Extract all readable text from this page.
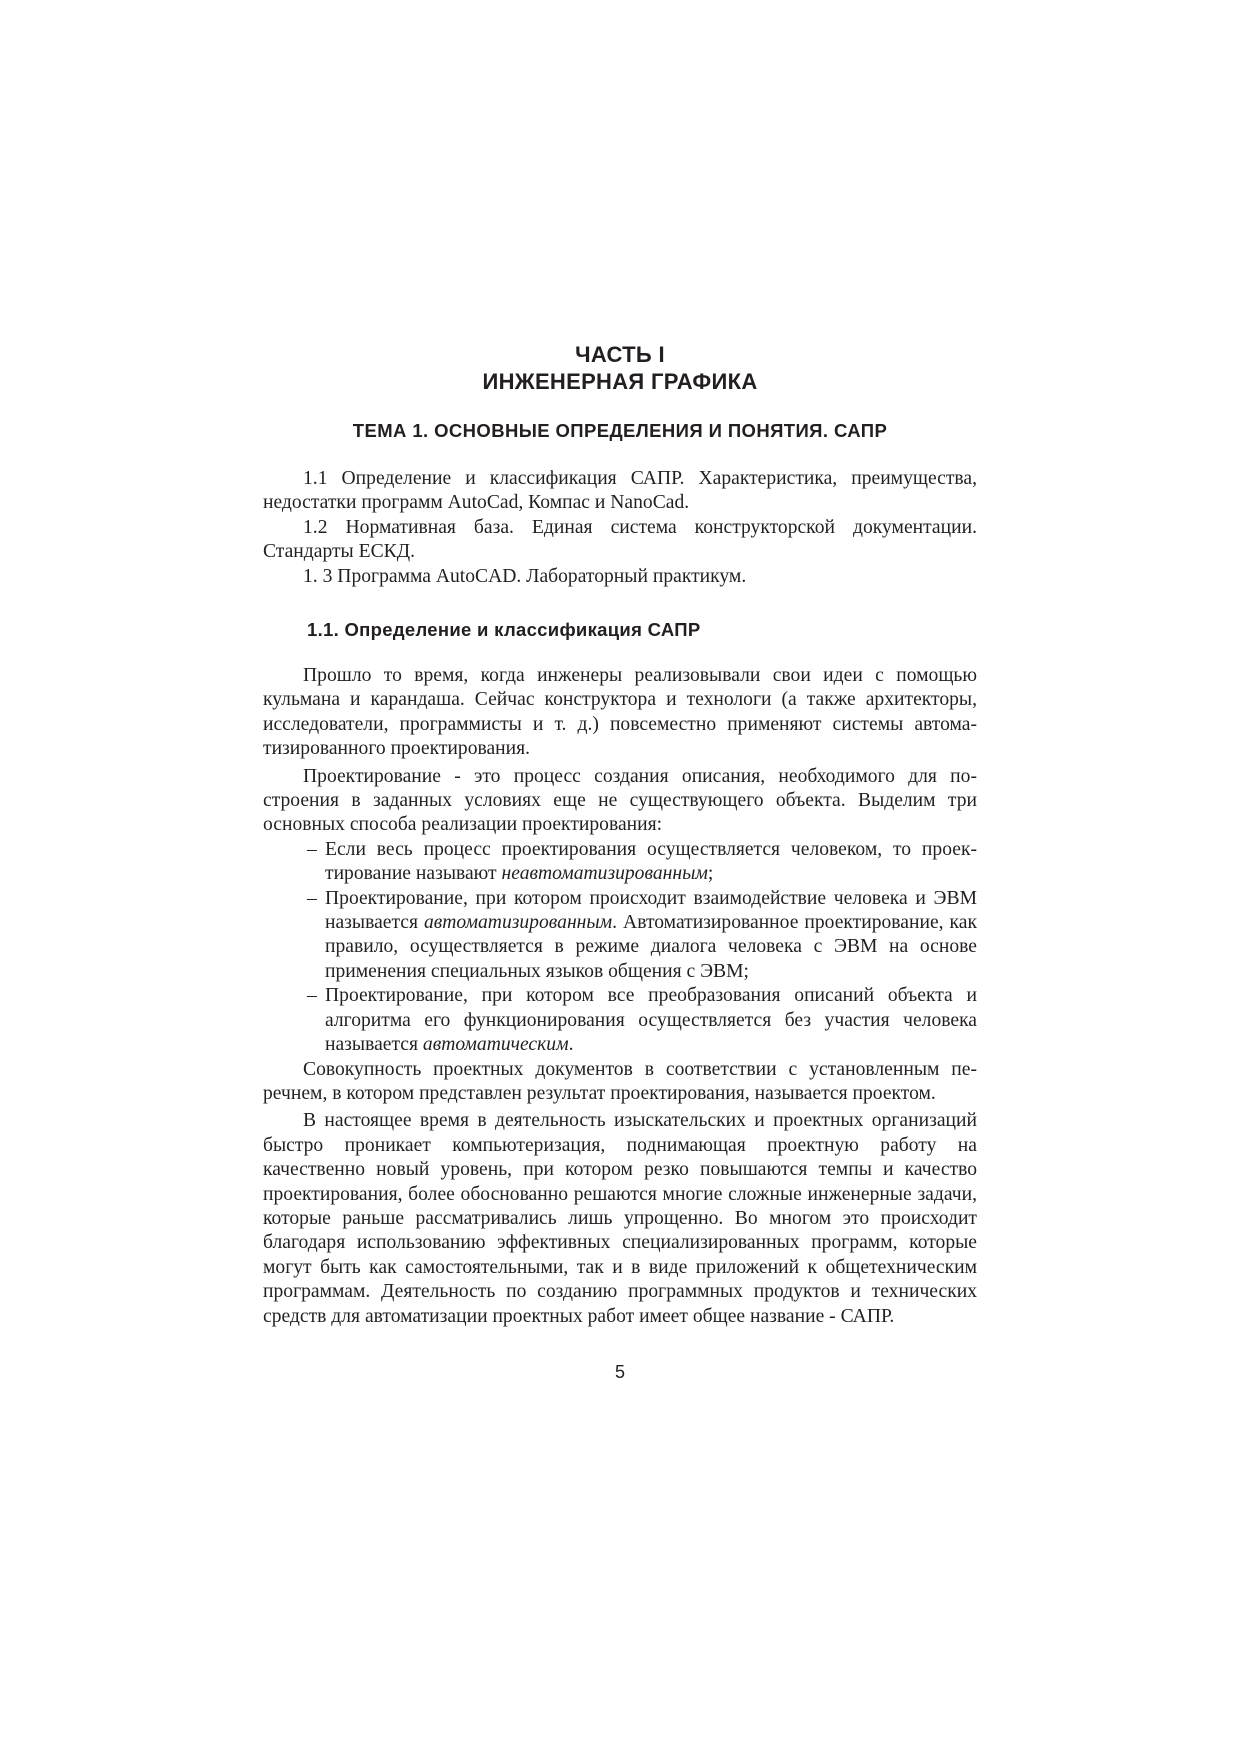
ЧАСТЬ I
ИНЖЕНЕРНАЯ ГРАФИКА
ТЕМА 1. ОСНОВНЫЕ ОПРЕДЕЛЕНИЯ И ПОНЯТИЯ. САПР

1.1 Определение и классификация САПР. Характеристика, преимущества, недостатки программ AutoCad, Компас и NanoCad.

1.2 Нормативная база. Единая система конструкторской документации. Стандарты ЕСКД.

1. 3 Программа AutoCAD. Лабораторный практикум.

1.1. Определение и классификация САПР

Прошло то время, когда инженеры реализовывали свои идеи с помощью кульмана и карандаша. Сейчас конструктора и технологи (а также архитекторы, исследователи, программисты и т. д.) повсеместно применяют системы автоматизированного проектирования.

Проектирование - это процесс создания описания, необходимого для построения в заданных условиях еще не существующего объекта. Выделим три основных способа реализации проектирования:

– Если весь процесс проектирования осуществляется человеком, то проектирование называют неавтоматизированным;
– Проектирование, при котором происходит взаимодействие человека и ЭВМ называется автоматизированным. Автоматизированное проектирование, как правило, осуществляется в режиме диалога человека с ЭВМ на основе применения специальных языков общения с ЭВМ;
– Проектирование, при котором все преобразования описаний объекта и алгоритма его функционирования осуществляется без участия человека называется автоматическим.

Совокупность проектных документов в соответствии с установленным перечнем, в котором представлен результат проектирования, называется проектом.

В настоящее время в деятельность изыскательских и проектных организаций быстро проникает компьютеризация, поднимающая проектную работу на качественно новый уровень, при котором резко повышаются темпы и качество проектирования, более обоснованно решаются многие сложные инженерные задачи, которые раньше рассматривались лишь упрощенно. Во многом это происходит благодаря использованию эффективных специализированных программ, которые могут быть как самостоятельными, так и в виде приложений к общетехническим программам. Деятельность по созданию программных продуктов и технических средств для автоматизации проектных работ имеет общее название - САПР.

5
